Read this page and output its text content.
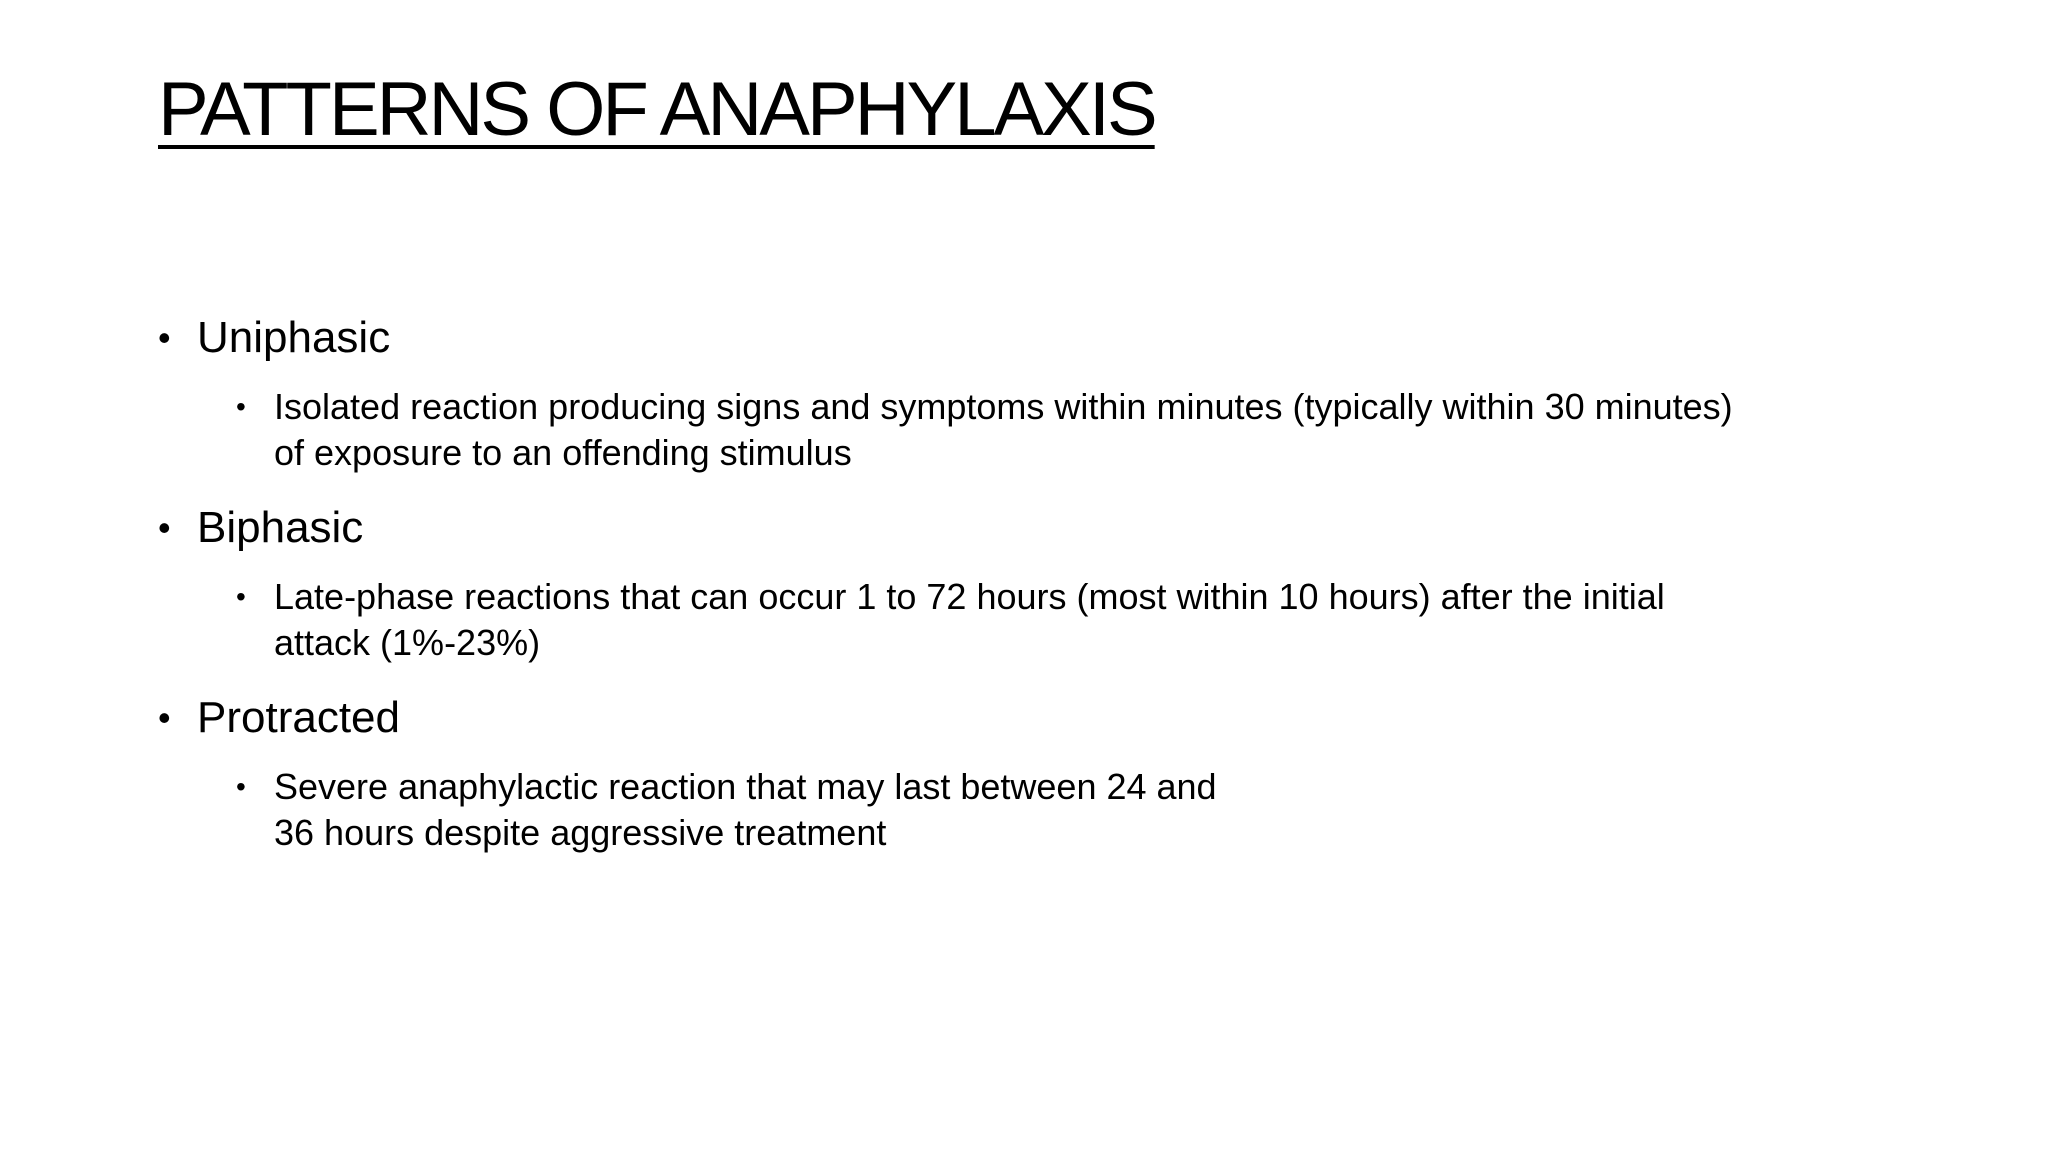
PATTERNS OF ANAPHYLAXIS
• Uniphasic
• Isolated reaction producing signs and symptoms within minutes (typically within 30 minutes)
of exposure to an offending stimulus
• Biphasic
• Late-phase reactions that can occur 1 to 72 hours (most within 10 hours) after the initial
attack (1%-23%)
• Protracted
• Severe anaphylactic reaction that may last between 24 and
36 hours despite aggressive treatment
